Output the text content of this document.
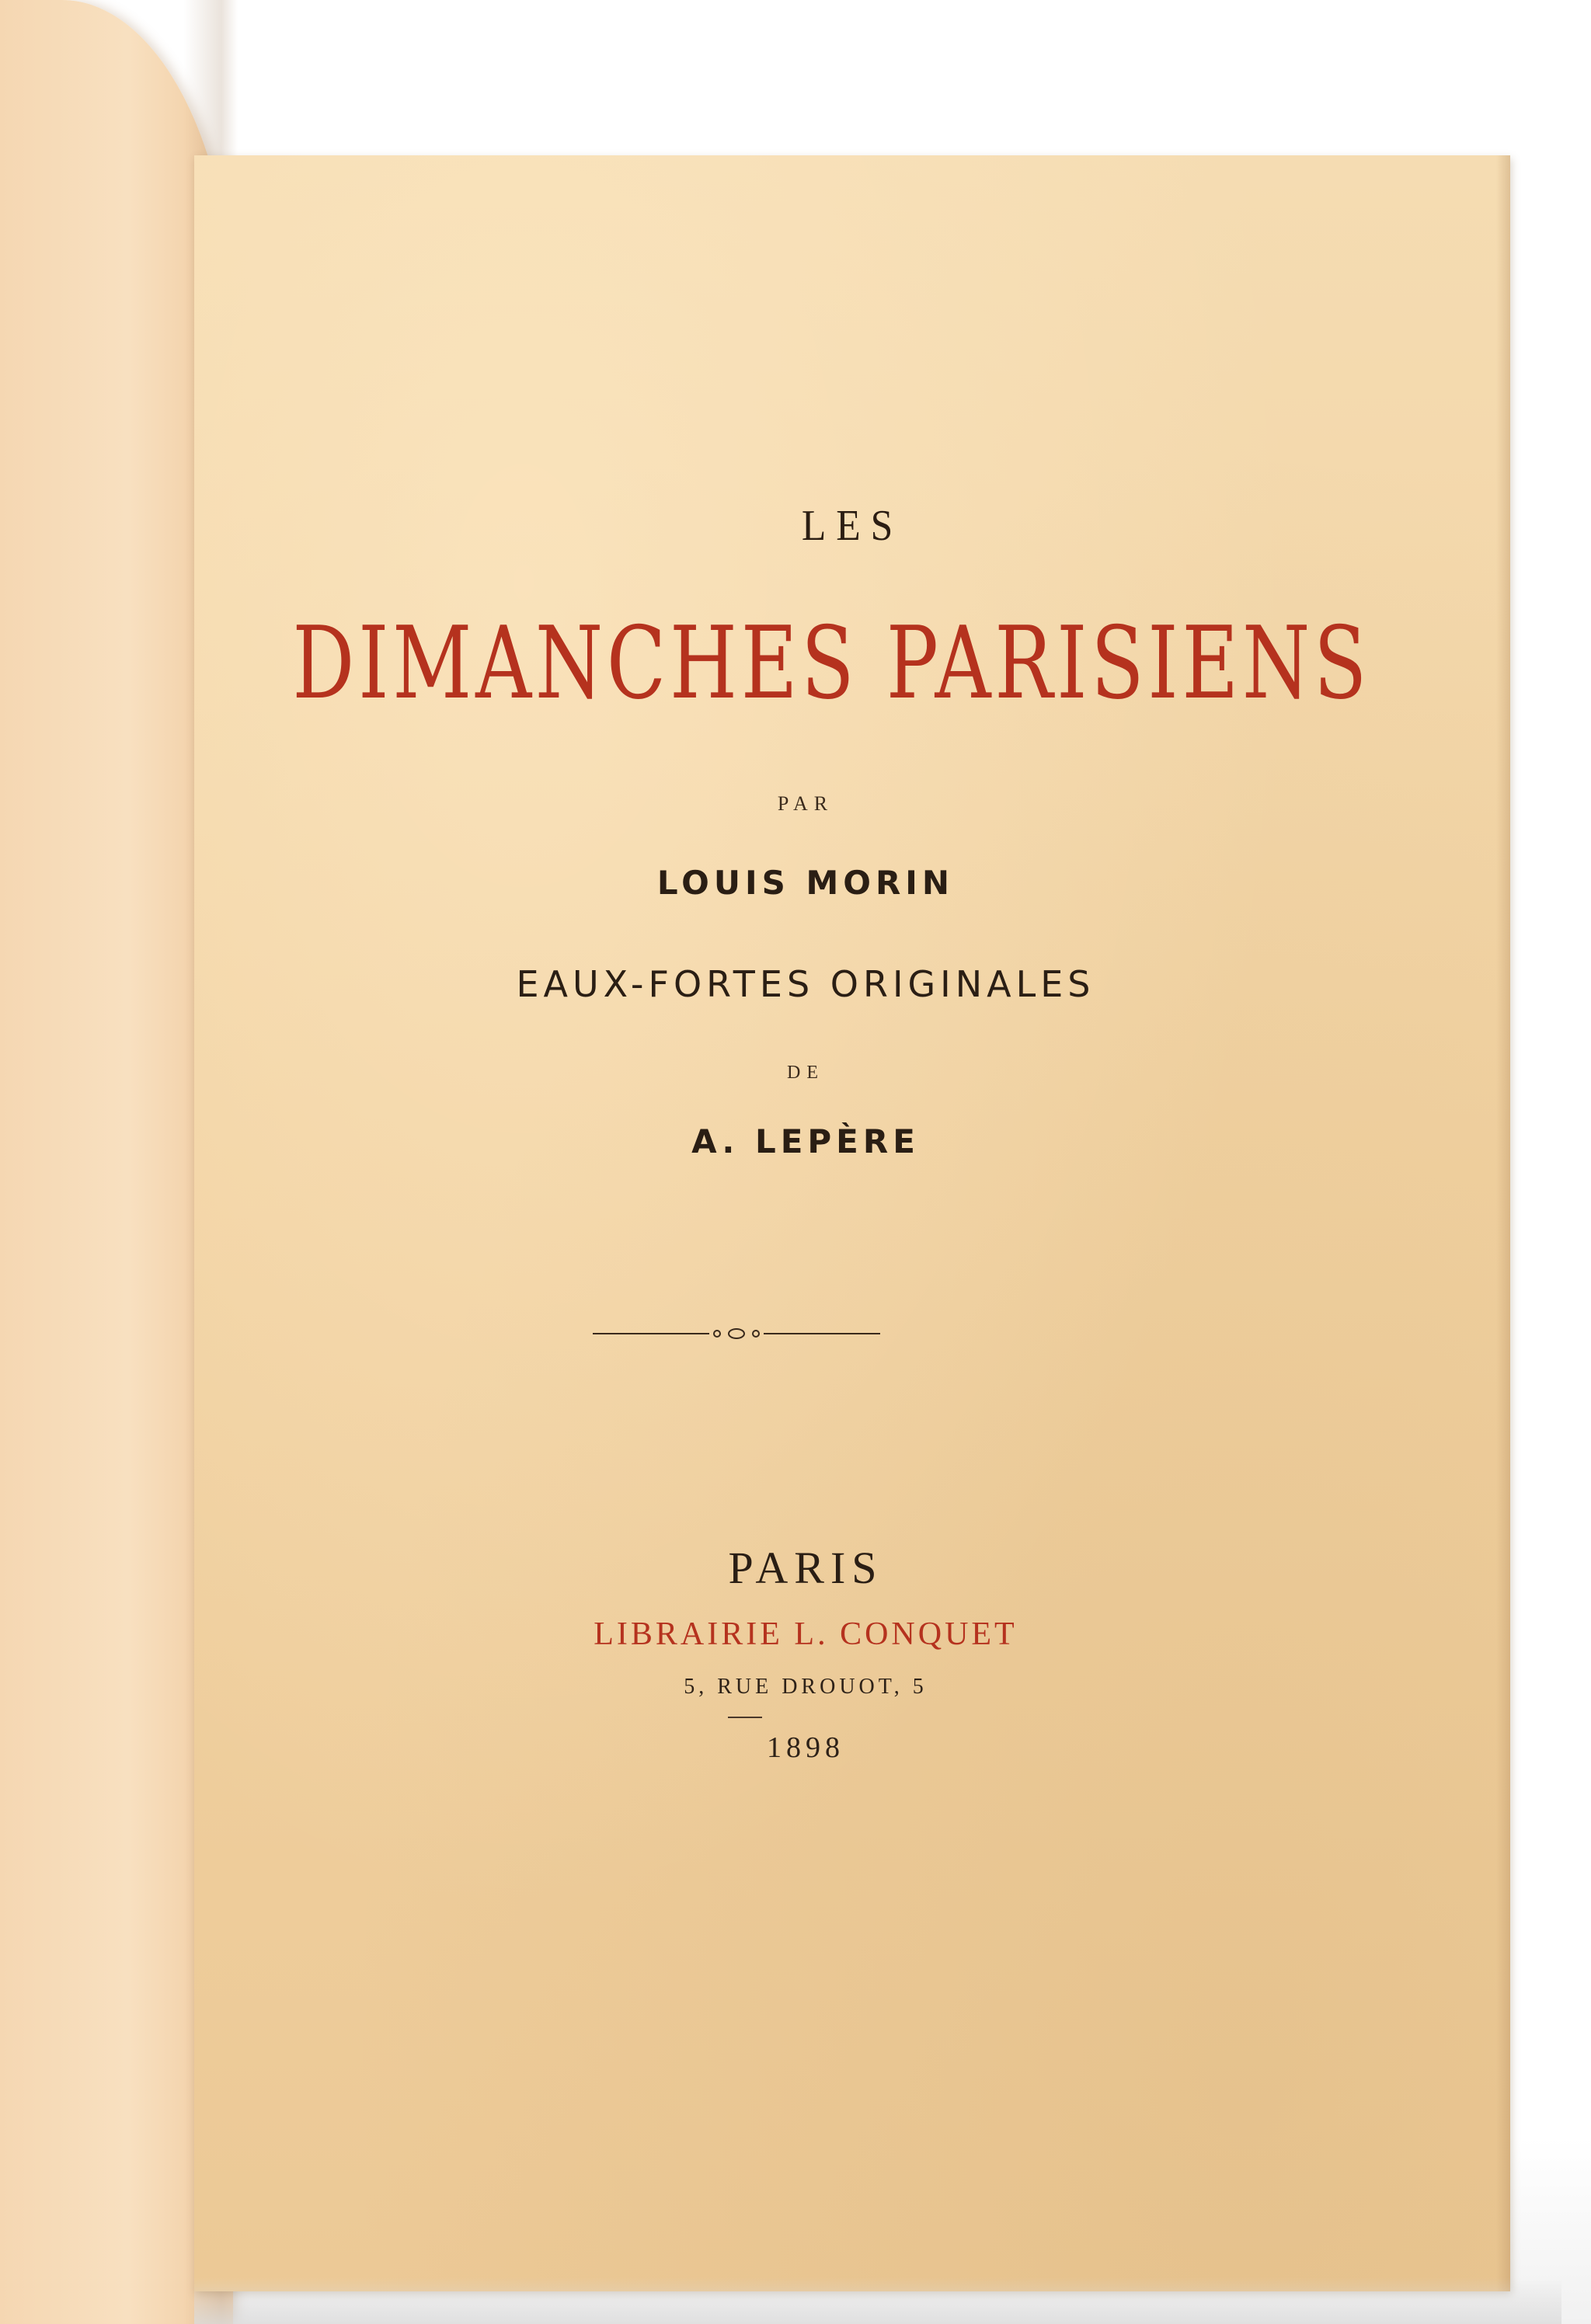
LES
DIMANCHES PARISIENS
PAR
LOUIS MORIN
EAUX-FORTES ORIGINALES
DE
A. LEPÈRE
PARIS
LIBRAIRIE L. CONQUET
5, RUE DROUOT, 5
1898
